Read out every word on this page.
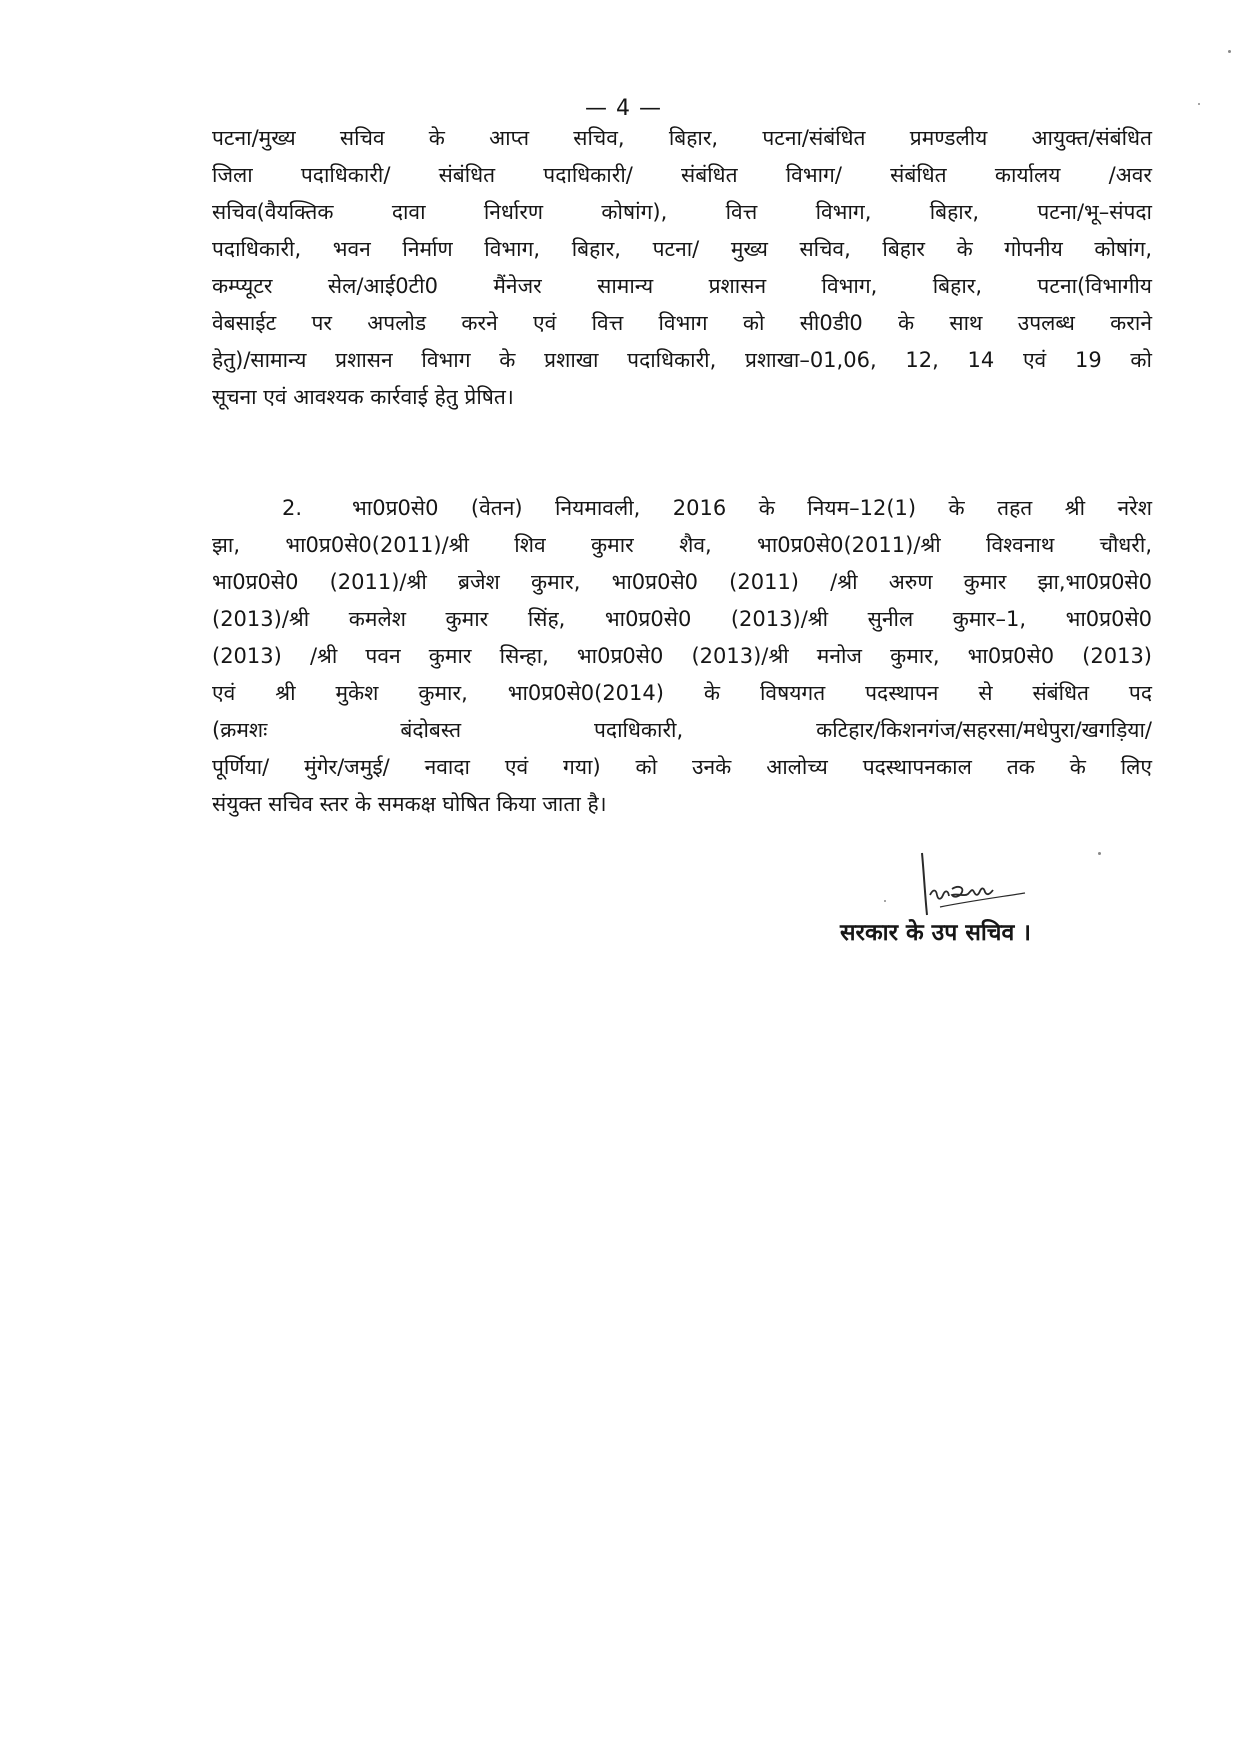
— 4 —
पटना/मुख्य सचिव के आप्त सचिव, बिहार, पटना/संबंधित प्रमण्डलीय आयुक्त/संबंधित
जिला पदाधिकारी/ संबंधित पदाधिकारी/ संबंधित विभाग/ संबंधित कार्यालय /अवर
सचिव(वैयक्तिक दावा निर्धारण कोषांग), वित्त विभाग, बिहार, पटना/भू–संपदा
पदाधिकारी, भवन निर्माण विभाग, बिहार, पटना/ मुख्य सचिव, बिहार के गोपनीय कोषांग,
कम्प्यूटर सेल/आई0टी0 मैंनेजर सामान्य प्रशासन विभाग, बिहार, पटना(विभागीय
वेबसाईट पर अपलोड करने एवं वित्त विभाग को सी0डी0 के साथ उपलब्ध कराने
हेतु)/सामान्य प्रशासन विभाग के प्रशाखा पदाधिकारी, प्रशाखा–01,06, 12, 14 एवं 19 को
सूचना एवं आवश्यक कार्रवाई हेतु प्रेषित।
2. भा0प्र0से0 (वेतन) नियमावली, 2016 के नियम–12(1) के तहत श्री नरेश
झा, भा0प्र0से0(2011)/श्री शिव कुमार शैव, भा0प्र0से0(2011)/श्री विश्वनाथ चौधरी,
भा0प्र0से0 (2011)/श्री ब्रजेश कुमार, भा0प्र0से0 (2011) /श्री अरुण कुमार झा,भा0प्र0से0
(2013)/श्री कमलेश कुमार सिंह, भा0प्र0से0 (2013)/श्री सुनील कुमार–1, भा0प्र0से0
(2013) /श्री पवन कुमार सिन्हा, भा0प्र0से0 (2013)/श्री मनोज कुमार, भा0प्र0से0 (2013)
एवं श्री मुकेश कुमार, भा0प्र0से0(2014) के विषयगत पदस्थापन से संबंधित पद
(क्रमशः बंदोबस्त पदाधिकारी, कटिहार/किशनगंज/सहरसा/मधेपुरा/खगड़िया/
पूर्णिया/ मुंगेर/जमुई/ नवादा एवं गया) को उनके आलोच्य पदस्थापनकाल तक के लिए
संयुक्त सचिव स्तर के समकक्ष घोषित किया जाता है।
सरकार के उप सचिव ।
